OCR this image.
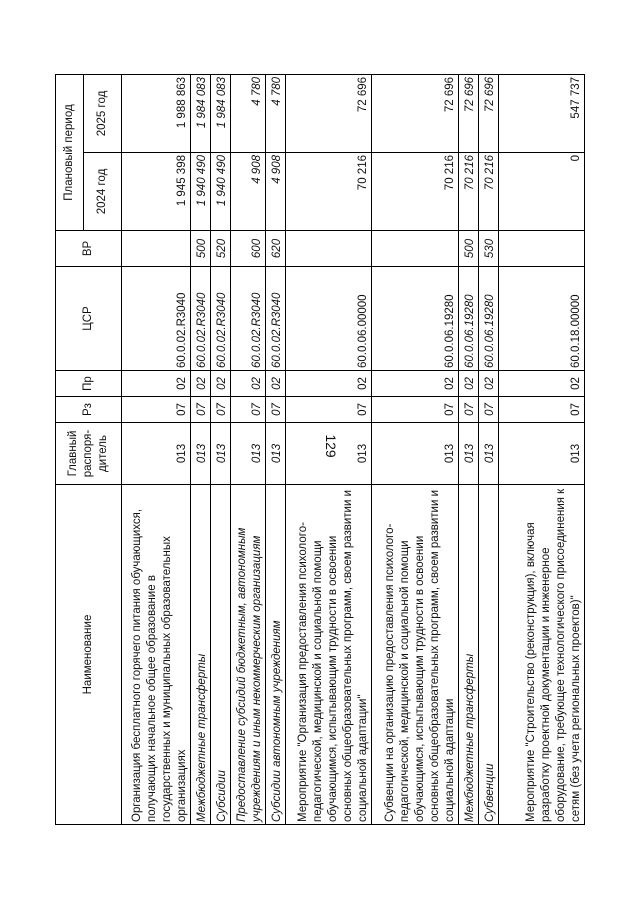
129
Наименование	Главный распоря-дитель	Рз	Пр	ЦСР	ВР	Плановый период	
						2024 год	2025 год
Организация бесплатного горячего питания обучающихся, получающих начальное общее образование в государственных и муниципальных образовательных организациях	013	07	02	60.0.02.R3040		1 945 398	1 988 863
Межбюджетные трансферты	013	07	02	60.0.02.R3040	500	1 940 490	1 984 083
Субсидии	013	07	02	60.0.02.R3040	520	1 940 490	1 984 083
Предоставление субсидий бюджетным, автономным учреждениям и иным некоммерческим организациям	013	07	02	60.0.02.R3040	600	4 908	4 780
Субсидии автономным учреждениям	013	07	02	60.0.02.R3040	620	4 908	4 780
Мероприятие "Организация предоставления психолого-педагогической, медицинской и социальной помощи обучающимся, испытывающим трудности в освоении основных общеобразовательных программ, своем развитии и социальной адаптации"	013	07	02	60.0.06.00000		70 216	72 696
Субвенции на организацию предоставления психолого-педагогической, медицинской и социальной помощи обучающимся, испытывающим трудности в освоении основных общеобразовательных программ, своем развитии и социальной адаптации	013	07	02	60.0.06.19280		70 216	72 696
Межбюджетные трансферты	013	07	02	60.0.06.19280	500	70 216	72 696
Субвенции	013	07	02	60.0.06.19280	530	70 216	72 696
Мероприятие "Строительство (реконструкция), включая разработку проектной документации и инженерное оборудование, требующее технологического присоединения к сетям (без учета региональных проектов)"	013	07	02	60.0.18.00000		0	547 737
